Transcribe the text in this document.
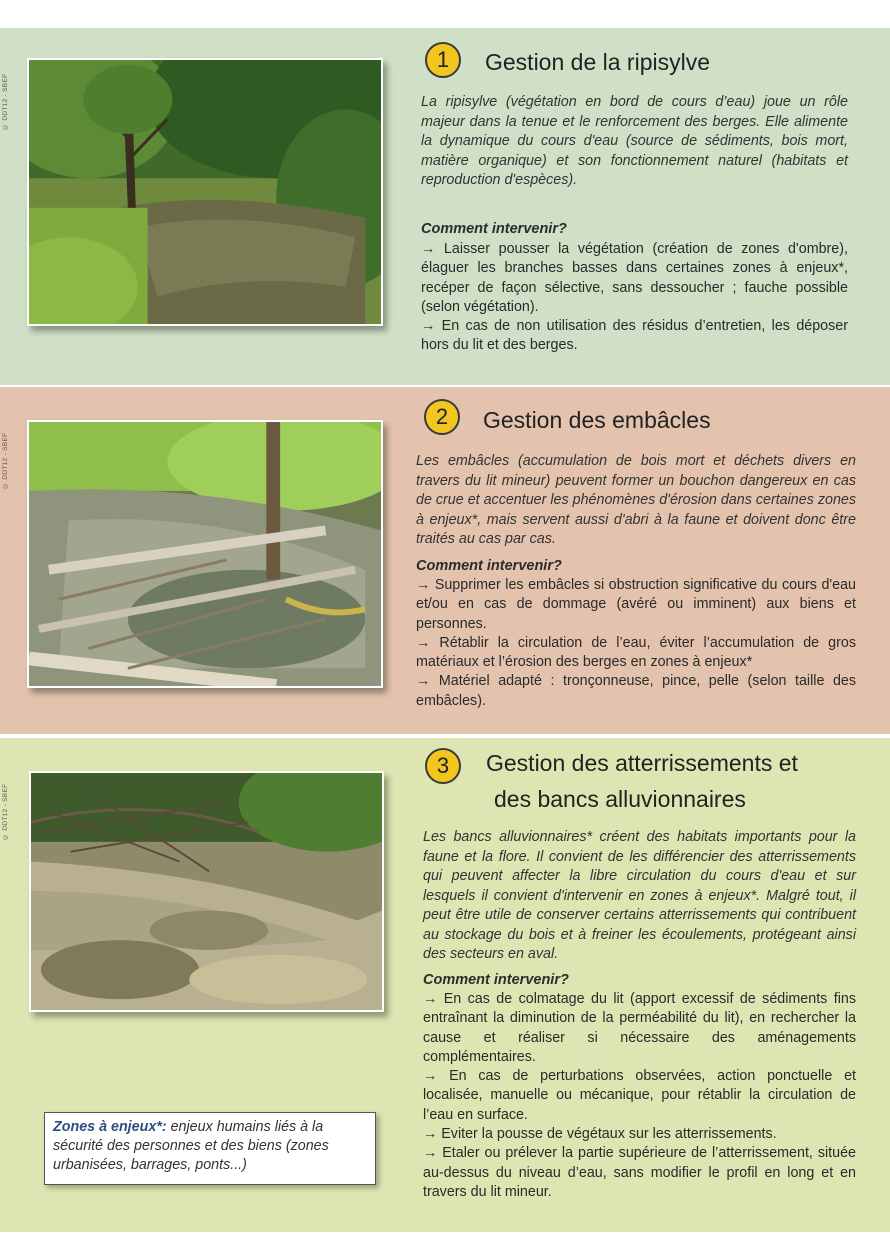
© DDT12 - SBEF
1	Gestion de la ripisylve
La ripisylve (végétation en bord de cours d’eau) joue un rôle majeur dans la tenue et le renforcement des berges. Elle alimente la dynamique du cours d'eau (source de sédiments, bois mort, matière organique) et son fonctionnement naturel (habitats et reproduction d'espèces).
Comment intervenir?

→ Laisser pousser la végétation (création de zones d'ombre), élaguer les branches basses dans certaines zones à enjeux*, recéper de façon sélective, sans dessoucher ; fauche possible (selon végétation).

→ En cas de non utilisation des résidus d’entretien, les déposer hors du lit et des berges.

© DDT12 - SBEF
2	Gestion des embâcles
Les embâcles (accumulation de bois mort et déchets divers en travers du lit mineur) peuvent former un bouchon dangereux en cas de crue et accentuer les phénomènes d'érosion dans certaines zones à enjeux*, mais servent aussi d'abri à la faune et doivent donc être traités au cas par cas.
Comment intervenir?

→ Supprimer les embâcles si obstruction significative du cours d'eau et/ou en cas de dommage (avéré ou imminent) aux biens et personnes.

→ Rétablir la circulation de l’eau, éviter l’accumulation de gros matériaux et l’érosion des berges en zones à enjeux*

→ Matériel adapté : tronçonneuse, pince, pelle (selon taille des embâcles).

© DDT12 - SBEF
3	Gestion des atterrissements et
des bancs alluvionnaires
Les bancs alluvionnaires* créent des habitats importants pour la faune et la flore. Il convient de les différencier des atterrissements qui peuvent affecter la libre circulation du cours d'eau et sur lesquels il convient d'intervenir en zones à enjeux*. Malgré tout, il peut être utile de conserver certains atterrissements qui contribuent au stockage du bois et à freiner les écoulements, protégeant ainsi des secteurs en aval.
Comment intervenir?

→ En cas de colmatage du lit (apport excessif de sédiments fins entraînant la diminution de la perméabilité du lit), en rechercher la cause et réaliser si nécessaire des aménagements complémentaires.

→ En cas de perturbations observées, action ponctuelle et localisée, manuelle ou mécanique, pour rétablir la circulation de l’eau en surface.

→ Eviter la pousse de végétaux sur les atterrissements.

→ Etaler ou prélever la partie supérieure de l’atterrissement, située au-dessus du niveau d’eau, sans modifier le profil en long et en travers du lit mineur.

Zones à enjeux*: enjeux humains liés à la sécurité des personnes et des biens (zones urbanisées, barrages, ponts...)
